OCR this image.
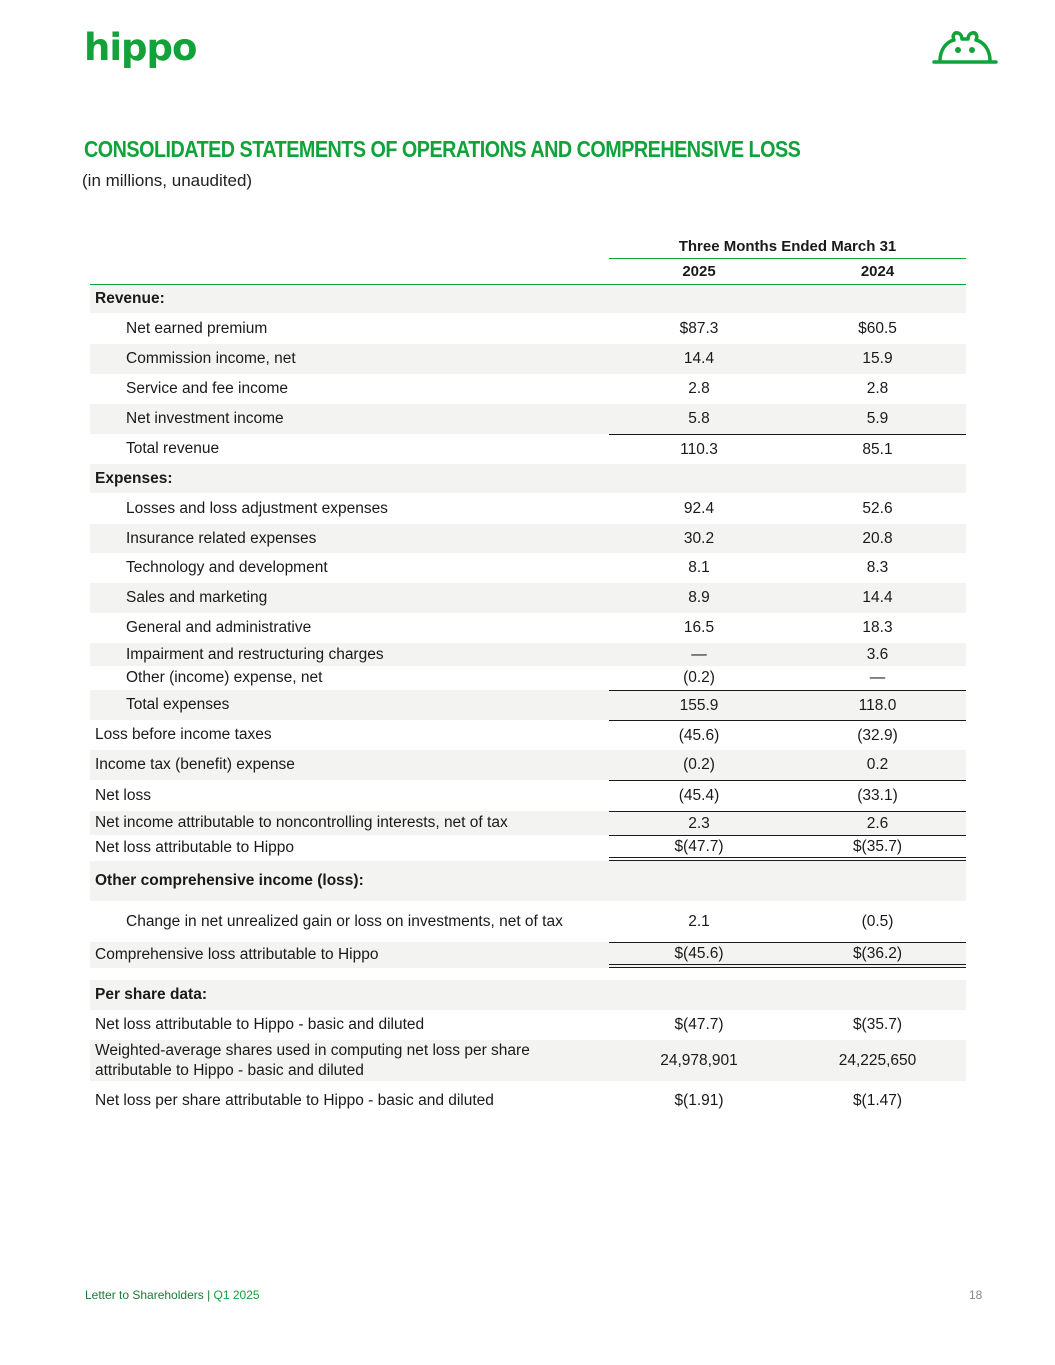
hippo
CONSOLIDATED STATEMENTS OF OPERATIONS AND COMPREHENSIVE LOSS
(in millions, unaudited)
Three Months Ended March 31
2025	2024
Revenue:
Net earned premium	$87.3	$60.5
Commission income, net	14.4	15.9
Service and fee income	2.8	2.8
Net investment income	5.8	5.9
Total revenue	110.3	85.1
Expenses:
Losses and loss adjustment expenses	92.4	52.6
Insurance related expenses	30.2	20.8
Technology and development	8.1	8.3
Sales and marketing	8.9	14.4
General and administrative	16.5	18.3
Impairment and restructuring charges	—	3.6
Other (income) expense, net	(0.2)	—
Total expenses	155.9	118.0
Loss before income taxes	(45.6)	(32.9)
Income tax (benefit) expense	(0.2)	0.2
Net loss	(45.4)	(33.1)
Net income attributable to noncontrolling interests, net of tax	2.3	2.6
Net loss attributable to Hippo	$(47.7)	$(35.7)
Other comprehensive income (loss):
Change in net unrealized gain or loss on investments, net of tax	2.1	(0.5)
Comprehensive loss attributable to Hippo	$(45.6)	$(36.2)
Per share data:
Net loss attributable to Hippo - basic and diluted	$(47.7)	$(35.7)
Weighted-average shares used in computing net loss per share
attributable to Hippo - basic and diluted
24,978,901	24,225,650
Net loss per share attributable to Hippo - basic and diluted	$(1.91)	$(1.47)
Letter to Shareholders | Q1 2025	18
